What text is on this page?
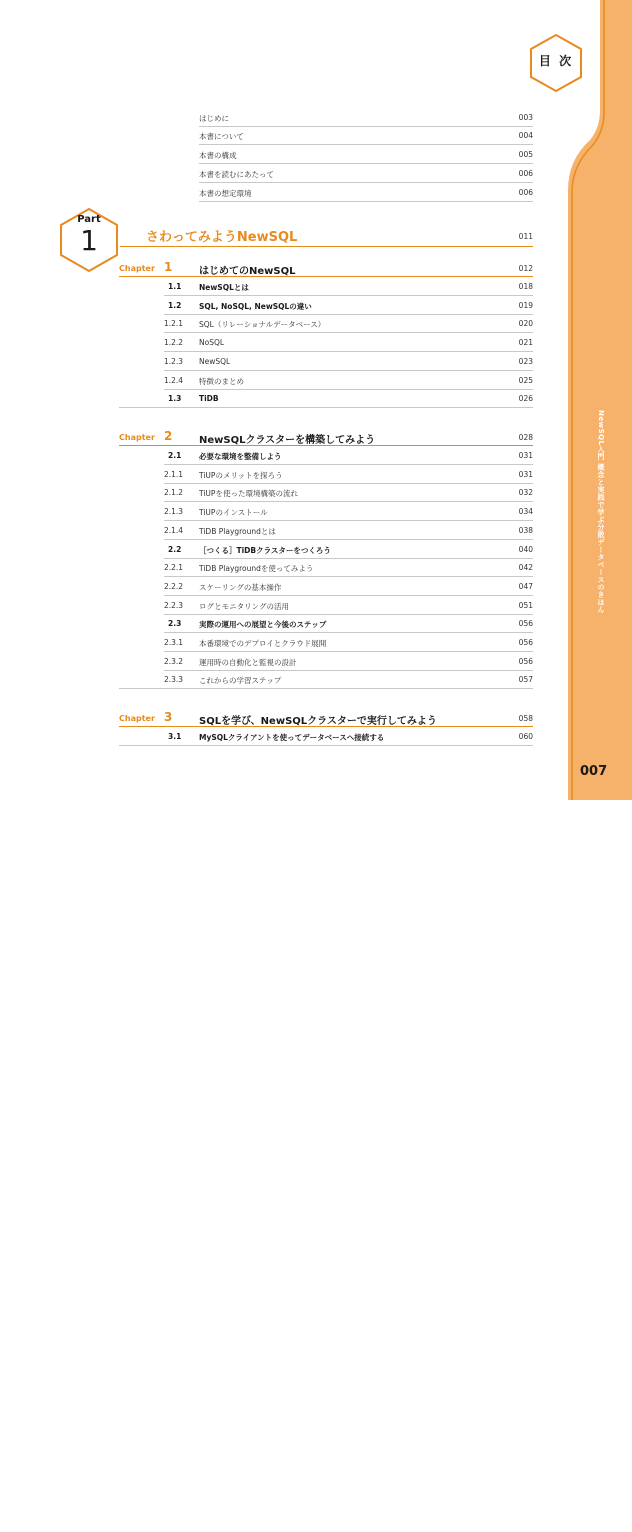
NewSQL入門 概念と実践で学ぶ分散データベースのきほん
007
目 次
はじめに	003
本書について	004
本書の構成	005
本書を読むにあたって	006
本書の想定環境	006
Part
1	さわってみようNewSQL	011
Chapter 1	はじめてのNewSQL	012
1.1 NewSQLとは	018
1.2 SQL, NoSQL, NewSQLの違い	019
1.2.1 SQL（リレーショナルデータベース）	020
1.2.2 NoSQL	021
1.2.3 NewSQL	023
1.2.4 特徴のまとめ	025
1.3 TiDB	026
Chapter 2	NewSQLクラスターを構築してみよう	028
2.1 必要な環境を整備しよう	031
2.1.1 TiUPのメリットを探ろう	031
2.1.2 TiUPを使った環境構築の流れ	032
2.1.3 TiUPのインストール	034
2.1.4 TiDB Playgroundとは	038
2.2 ［つくる］TiDBクラスターをつくろう	040
2.2.1 TiDB Playgroundを使ってみよう	042
2.2.2 スケーリングの基本操作	047
2.2.3 ログとモニタリングの活用	051
2.3 実際の運用への展望と今後のステップ	056
2.3.1 本番環境でのデプロイとクラウド展開	056
2.3.2 運用時の自動化と監視の設計	056
2.3.3 これからの学習ステップ	057
Chapter 3	SQLを学び、NewSQLクラスターで実行してみよう	058
3.1 MySQLクライアントを使ってデータベースへ接続する	060
